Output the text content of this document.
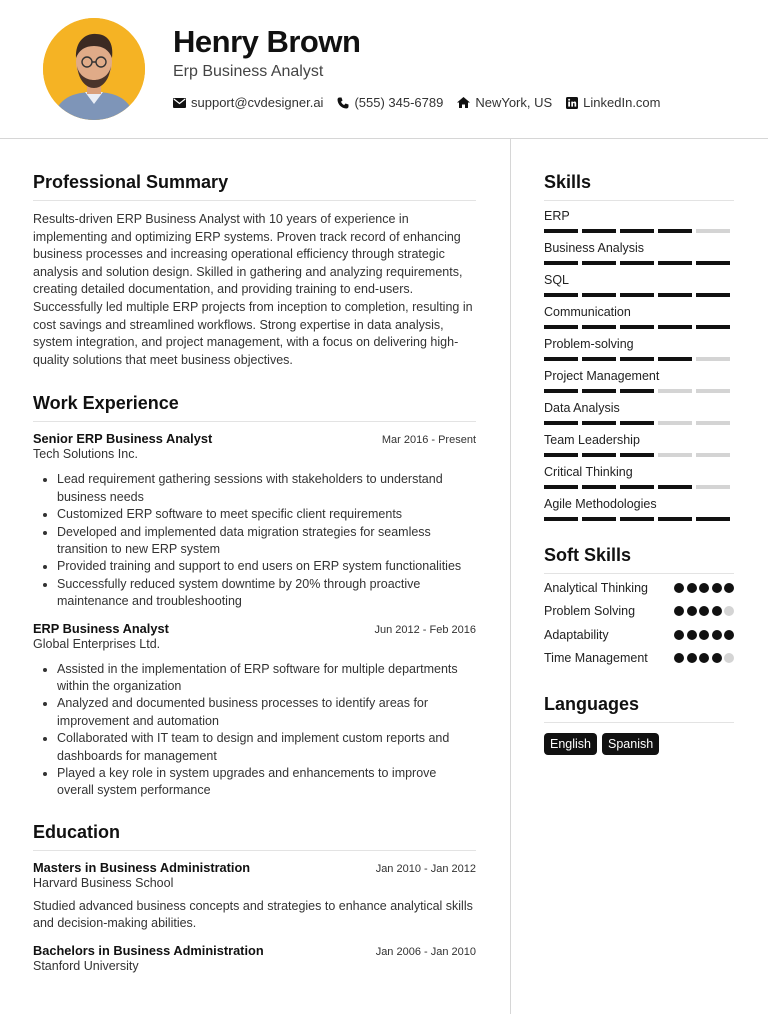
Henry Brown
Erp Business Analyst
support@cvdesigner.ai (555) 345-6789 NewYork, US LinkedIn.com
Professional Summary
Results-driven ERP Business Analyst with 10 years of experience in implementing and optimizing ERP systems. Proven track record of enhancing business processes and increasing operational efficiency through strategic analysis and solution design. Skilled in gathering and analyzing requirements, creating detailed documentation, and providing training to end-users. Successfully led multiple ERP projects from inception to completion, resulting in cost savings and streamlined workflows. Strong expertise in data analysis, system integration, and project management, with a focus on delivering high-quality solutions that meet business objectives.
Work Experience
Senior ERP Business Analyst	Mar 2016 - Present
Tech Solutions Inc.
• Lead requirement gathering sessions with stakeholders to understand business needs
• Customized ERP software to meet specific client requirements
• Developed and implemented data migration strategies for seamless transition to new ERP system
• Provided training and support to end users on ERP system functionalities
• Successfully reduced system downtime by 20% through proactive maintenance and troubleshooting
ERP Business Analyst	Jun 2012 - Feb 2016
Global Enterprises Ltd.
• Assisted in the implementation of ERP software for multiple departments within the organization
• Analyzed and documented business processes to identify areas for improvement and automation
• Collaborated with IT team to design and implement custom reports and dashboards for management
• Played a key role in system upgrades and enhancements to improve overall system performance
Education
Masters in Business Administration	Jan 2010 - Jan 2012
Harvard Business School
Studied advanced business concepts and strategies to enhance analytical skills and decision-making abilities.
Bachelors in Business Administration	Jan 2006 - Jan 2010
Stanford University
Skills
ERP
Business Analysis
SQL
Communication
Problem-solving
Project Management
Data Analysis
Team Leadership
Critical Thinking
Agile Methodologies
Soft Skills
Analytical Thinking
Problem Solving
Adaptability
Time Management
Languages
English	Spanish
